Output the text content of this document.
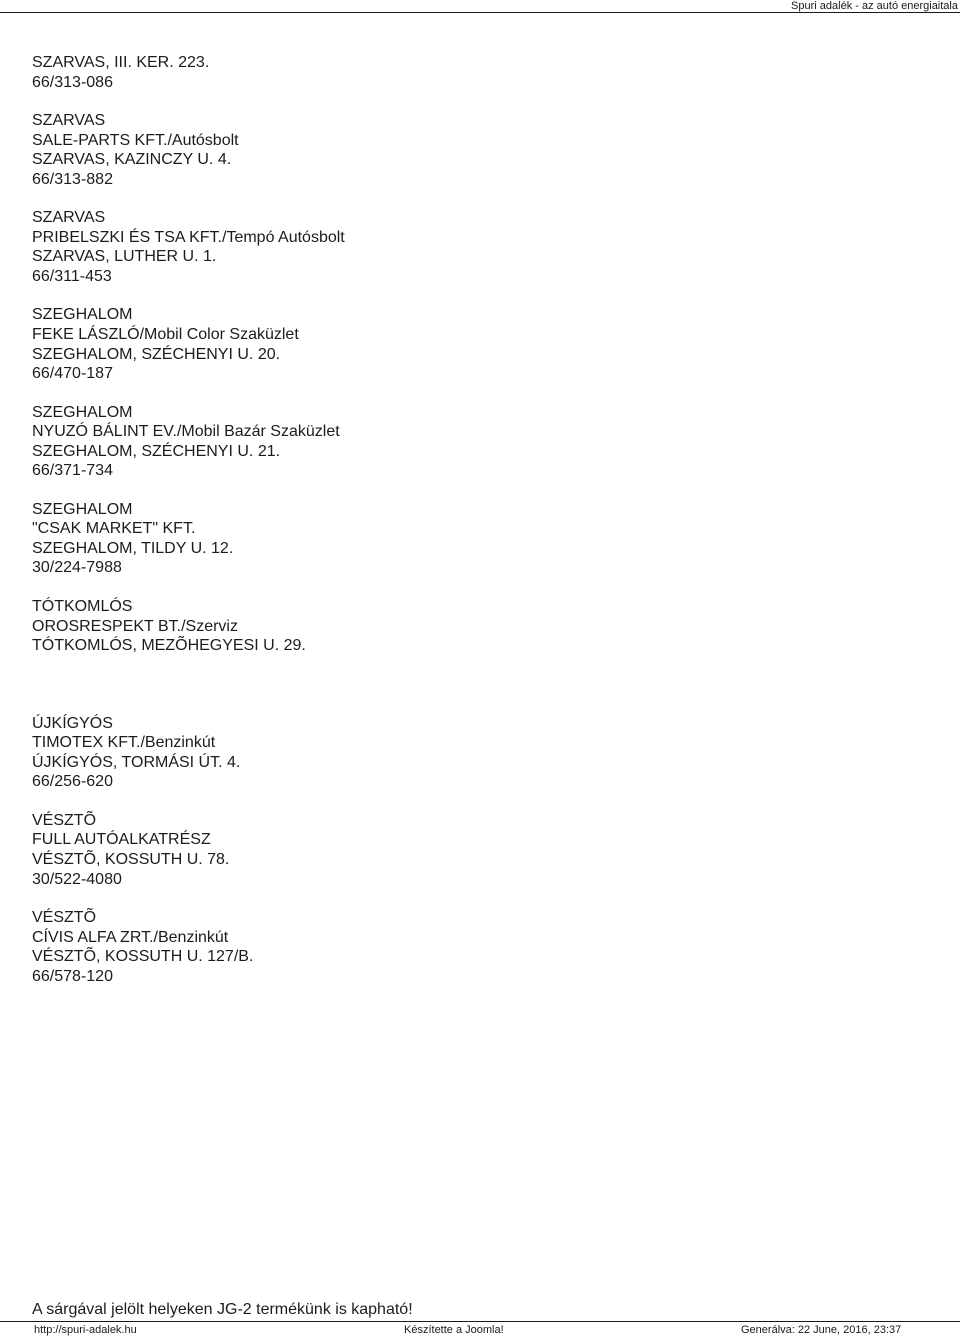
Spuri adalék - az autó energiaitala
SZARVAS, III. KER. 223.
66/313-086
SZARVAS
SALE-PARTS KFT./Autósbolt
SZARVAS, KAZINCZY U. 4.
66/313-882
SZARVAS
PRIBELSZKI ÉS TSA KFT./Tempó Autósbolt
SZARVAS, LUTHER U. 1.
66/311-453
SZEGHALOM
FEKE LÁSZLÓ/Mobil Color Szaküzlet
SZEGHALOM, SZÉCHENYI U. 20.
66/470-187
SZEGHALOM
NYUZÓ BÁLINT EV./Mobil Bazár Szaküzlet
SZEGHALOM, SZÉCHENYI U. 21.
66/371-734
SZEGHALOM
"CSAK MARKET" KFT.
SZEGHALOM, TILDY U. 12.
30/224-7988
TÓTKOMLÓS
OROSRESPEKT BT./Szerviz
TÓTKOMLÓS, MEZÕHEGYESI U. 29.
ÚJKÍGYÓS
TIMOTEX KFT./Benzinkút
ÚJKÍGYÓS, TORMÁSI ÚT. 4.
66/256-620
VÉSZTÕ
FULL AUTÓALKATRÉSZ
VÉSZTÕ, KOSSUTH U. 78.
30/522-4080
VÉSZTÕ
CÍVIS ALFA ZRT./Benzinkút
VÉSZTÕ, KOSSUTH U. 127/B.
66/578-120
A sárgával jelölt helyeken JG-2 termékünk is kapható!
http://spuri-adalek.hu	Készítette a Joomla!	Generálva: 22 June, 2016, 23:37
